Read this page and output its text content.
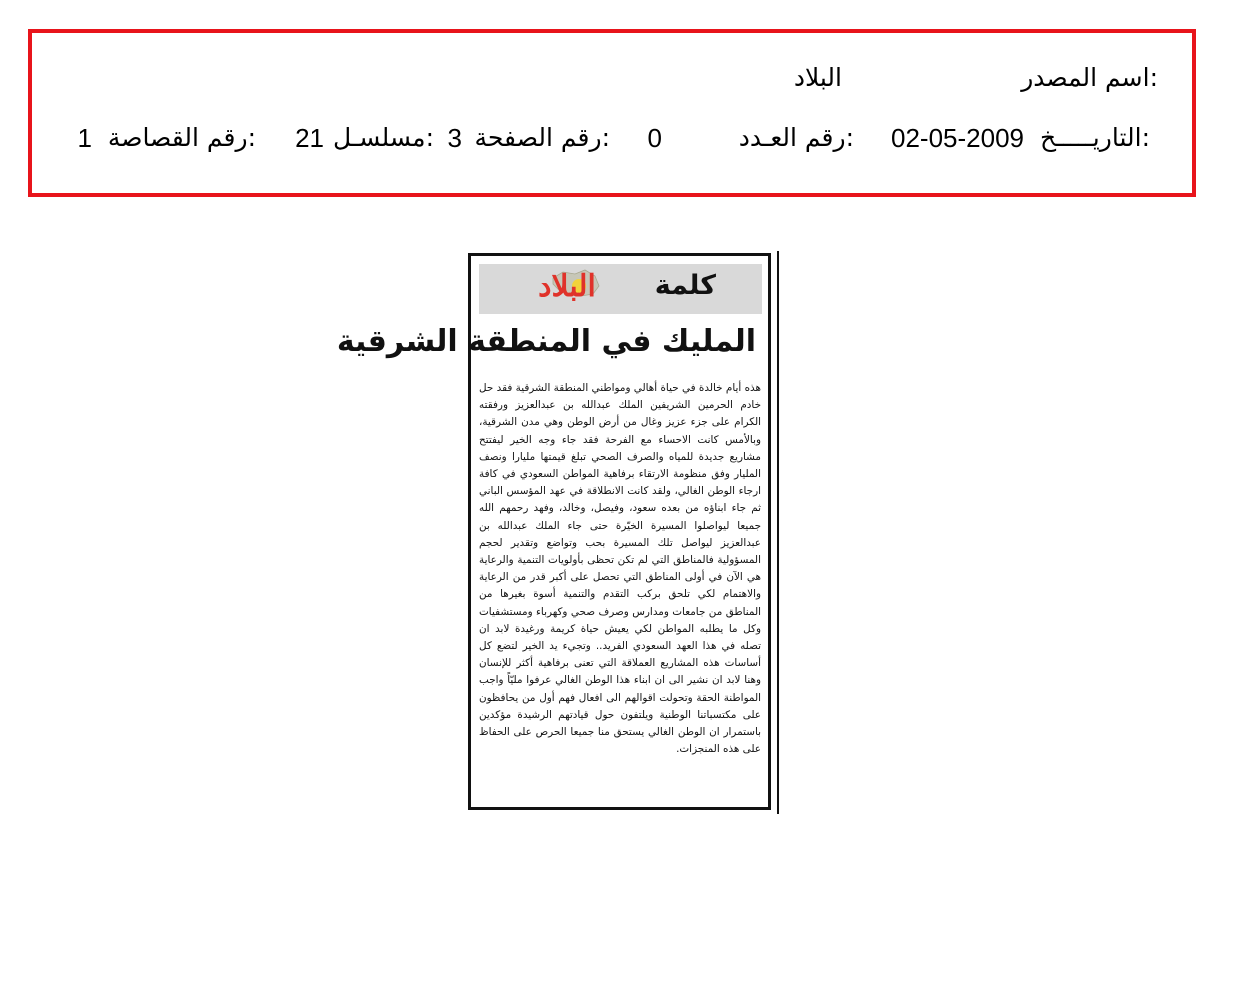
اسم المصدر:
البلاد
التاريـــــخ:
02-05-2009
رقم العـدد:
0
رقم الصفحة:
3
مسلسـل:
21
رقم القصاصة:
1
البلاد	كلمة
المليك في المنطقة الشرقية
هذه أيام خالدة في حياة أهالي ومواطني المنطقة الشرقية فقد حل خادم الحرمين الشريفين الملك عبدالله بن عبدالعزيز ورفقته الكرام على جزء عزيز وغال من أرض الوطن وهي مدن الشرقية، وبالأمس كانت الاحساء مع الفرحة فقد جاء وجه الخير ليفتتح مشاريع جديدة للمياه والصرف الصحي تبلغ قيمتها مليارا ونصف المليار وفق منظومة الارتقاء برفاهية المواطن السعودي في كافة ارجاء الوطن الغالي، ولقد كانت الانطلاقة في عهد المؤسس الباني ثم جاء ابناؤه من بعده سعود، وفيصل، وخالد، وفهد رحمهم الله جميعا ليواصلوا المسيرة الخيّرة حتى جاء الملك عبدالله بن عبدالعزيز ليواصل تلك المسيرة بحب وتواضع وتقدير لحجم المسؤولية فالمناطق التي لم تكن تحظى بأولويات التنمية والرعاية هي الآن في أولى المناطق التي تحصل على أكبر قدر من الرعاية والاهتمام لكي تلحق بركب التقدم والتنمية أسوة بغيرها من المناطق من جامعات ومدارس وصرف صحي وكهرباء ومستشفيات وكل ما يطلبه المواطن لكي يعيش حياة كريمة ورغيدة لابد ان تصله في هذا العهد السعودي الفريد.. وتجيء يد الخير لتضع كل أساسات هذه المشاريع العملاقة التي تعنى برفاهية أكثر للإنسان وهنا لابد ان نشير الى ان ابناء هذا الوطن الغالي عرفوا مليّاً واجب المواطنة الحقة وتحولت اقوالهم الى افعال فهم أول من يحافظون على مكتسباتنا الوطنية ويلتفون حول قيادتهم الرشيدة مؤكدين باستمرار ان الوطن الغالي يستحق منا جميعا الحرص على الحفاظ على هذه المنجزات.
